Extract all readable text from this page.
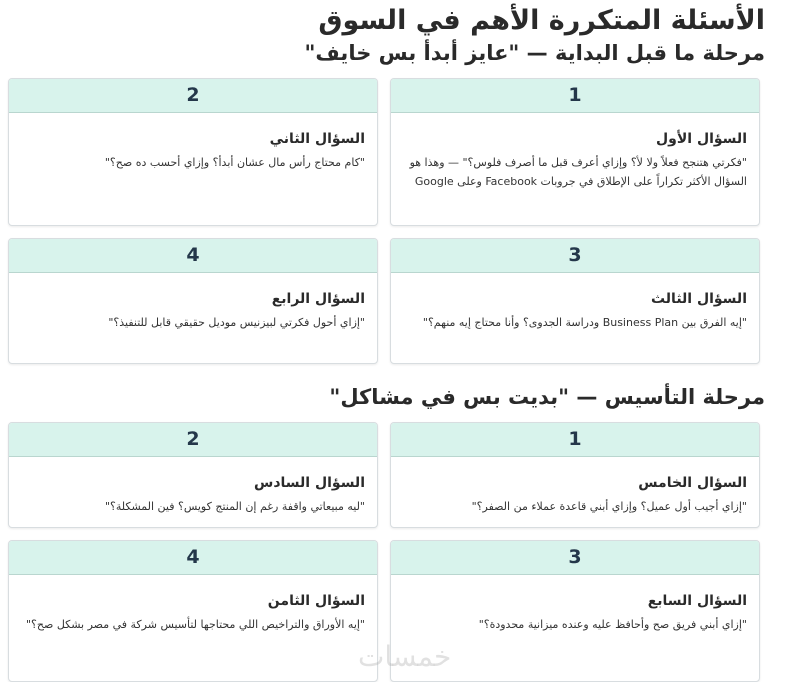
الأسئلة المتكررة الأهم في السوق
مرحلة ما قبل البداية — "عايز أبدأ بس خايف"
1
السؤال الأول

"فكرتي هتنجح فعلاً ولا لأ؟ وإزاي أعرف قبل ما أصرف فلوس؟" — وهذا هو السؤال الأكثر تكراراً على الإطلاق في جروبات Facebook وعلى Google

2
السؤال الثاني

"كام محتاج رأس مال عشان أبدأ؟ وإزاي أحسب ده صح؟"

3
السؤال الثالث

"إيه الفرق بين Business Plan ودراسة الجدوى؟ وأنا محتاج إيه منهم؟"

4
السؤال الرابع

"إزاي أحول فكرتي لبيزنيس موديل حقيقي قابل للتنفيذ؟"

مرحلة التأسيس — "بديت بس في مشاكل"
1
السؤال الخامس

"إزاي أجيب أول عميل؟ وإزاي أبني قاعدة عملاء من الصفر؟"

2
السؤال السادس

"ليه مبيعاتي واقفة رغم إن المنتج كويس؟ فين المشكلة؟"

3
السؤال السابع

"إزاي أبني فريق صح وأحافظ عليه وعنده ميزانية محدودة؟"

4
السؤال الثامن

"إيه الأوراق والتراخيص اللي محتاجها لتأسيس شركة في مصر بشكل صح؟"

خمسات
